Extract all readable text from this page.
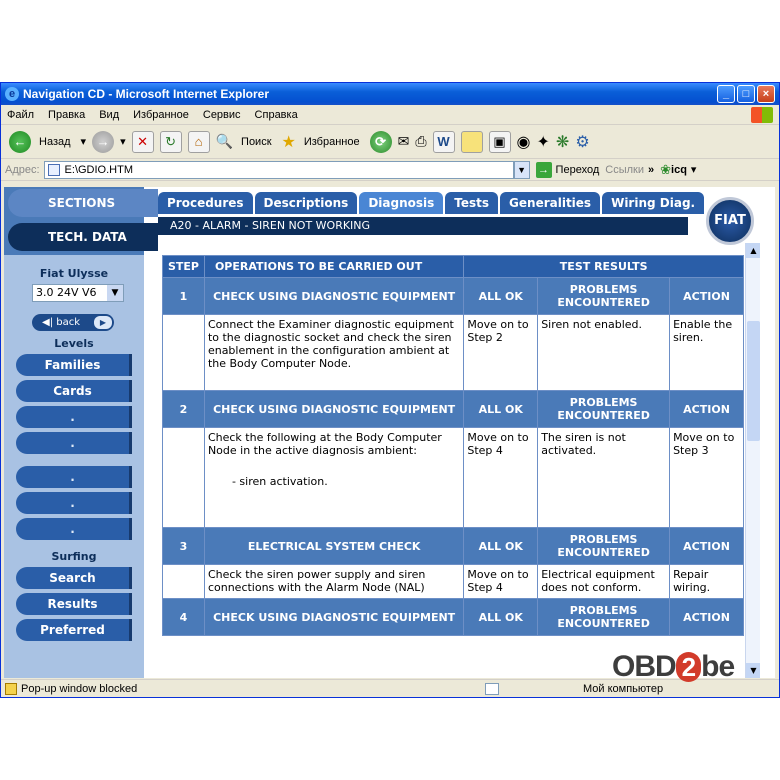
e Navigation CD - Microsoft Internet Explorer	_	□	×
Файл Правка Вид Избранное Сервис Справка
←	Назад ▾ → ▾ ✕	↻	⌂ 🔍 Поиск ★ Избранное	⟳ ✉ ⎙ W	▣ ◉ ✦ ❋ ⚙
Адрес:	E:\GDIO.HTM	▼	→ Переход Ссылки » ❀ icq ▾
SECTIONS
TECH. DATA
Fiat Ulysse
3.0 24V V6	▼
◀| back	▶
Levels
Families
Cards
.
.
.
.
.
Surfing
Search
Results
Preferred
Procedures	Descriptions	Diagnosis	Tests	Generalities	Wiring Diag.
A20 - ALARM - SIREN NOT WORKING	FIAT
STEP	OPERATIONS TO BE CARRIED OUT	TEST RESULTS		
1	CHECK USING DIAGNOSTIC EQUIPMENT	ALL OK	PROBLEMS ENCOUNTERED	ACTION
	Connect the Examiner diagnostic equipment to the diagnostic socket and check the siren enablement in the configuration ambient at the Body Computer Node.	Move on to Step 2	Siren not enabled.	Enable the siren.
2	CHECK USING DIAGNOSTIC EQUIPMENT	ALL OK	PROBLEMS ENCOUNTERED	ACTION

	Check the following at the Body Computer Node in the active diagnosis ambient:
- siren activation.	Move on to Step 4	The siren is not activated.	Move on to Step 3
3	ELECTRICAL SYSTEM CHECK	ALL OK	PROBLEMS ENCOUNTERED	ACTION
	Check the siren power supply and siren connections with the Alarm Node (NAL)	Move on to Step 4	Electrical equipment does not conform.	Repair wiring.
4	CHECK USING DIAGNOSTIC EQUIPMENT	ALL OK	PROBLEMS ENCOUNTERED	ACTION
▲
▼
Pop-up window blocked	Мой компьютер
OBD 2 be
